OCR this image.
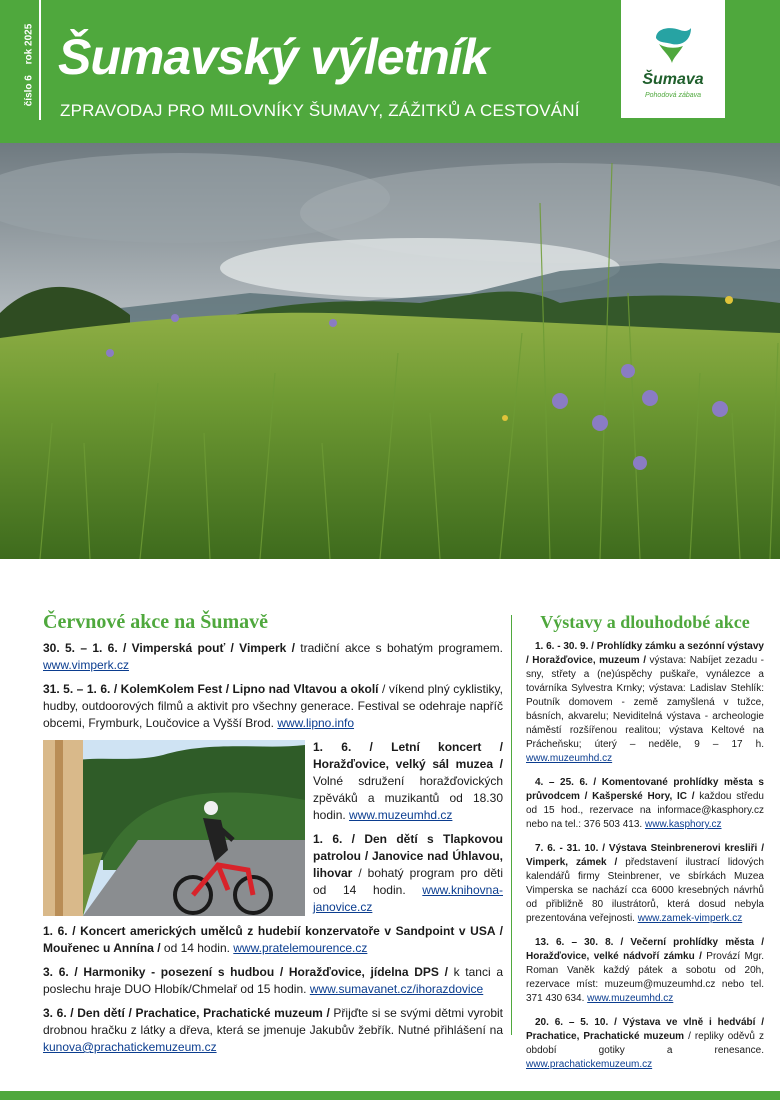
číslo 6 rok 2025 Šumavský výletník
ZPRAVODAJ PRO MILOVNÍKY ŠUMAVY, ZÁŽITKŮ A CESTOVÁNÍ
Šumava
Pohodová zábava
Červnové akce na Šumavě

30. 5. – 1. 6. / Vimperská pouť / Vimperk / tradiční akce s bohatým programem. www.vimperk.cz

31. 5. – 1. 6. / KolemKolem Fest / Lipno nad Vltavou a okolí / víkend plný cyklistiky, hudby, outdoorových filmů a aktivit pro všechny generace. Festival se odehraje napříč obcemi, Frymburk, Loučovice a Vyšší Brod. www.lipno.info

1. 6. / Letní koncert / Horažďovice, velký sál muzea / Volné sdružení horažďovických zpěváků a muzikantů od 18.30 hodin. www.muzeumhd.cz

1. 6. / Den dětí s Tlapkovou patrolou / Janovice nad Úhlavou, lihovar / bohatý program pro děti od 14 hodin. www.knihovna-janovice.cz

1. 6. / Koncert amerických umělců z hudebií konzervatoře v Sandpoint v USA / Mouřenec u Annína / od 14 hodin. www.pratelemourence.cz

3. 6. / Harmoniky - posezení s hudbou / Horažďovice, jídelna DPS / k tanci a poslechu hraje DUO Hlobík/Chmelař od 15 hodin. www.sumavanet.cz/ihorazdovice

3. 6. / Den dětí / Prachatice, Prachatické muzeum / Přijďte si se svými dětmi vyrobit drobnou hračku z látky a dřeva, která se jmenuje Jakubův žebřík. Nutné přihlášení na kunova@prachatickemuzeum.cz

Výstavy a dlouhodobé akce

1. 6. - 30. 9. / Prohlídky zámku a sezónní výstavy / Horažďovice, muzeum / výstava: Nabíjet zezadu - sny, střety a (ne)úspěchy puškaře, vynálezce a továrníka Sylvestra Krnky; výstava: Ladislav Stehlík: Poutník domovem - země zamyšlená v tužce, básních, akvarelu; Neviditelná výstava - archeologie náměstí rozšířenou realitou; výstava Keltové na Prácheňsku; úterý – neděle, 9 – 17 h. www.muzeumhd.cz

4. – 25. 6. / Komentované prohlídky města s průvodcem / Kašperské Hory, IC / každou středu od 15 hod., rezervace na informace@kasphory.cz nebo na tel.: 376 503 413. www.kasphory.cz

7. 6. - 31. 10. / Výstava Steinbrenerovi kresliři / Vimperk, zámek / představení ilustrací lidových kalendářů firmy Steinbrener, ve sbírkách Muzea Vimperska se nachází cca 6000 kresebných návrhů od přibližně 80 ilustrátorů, která dosud nebyla prezentována veřejnosti. www.zamek-vimperk.cz

13. 6. – 30. 8. / Večerní prohlídky města / Horažďovice, velké nádvoří zámku / Provází Mgr. Roman Vaněk každý pátek a sobotu od 20h, rezervace míst: muzeum@muzeumhd.cz nebo tel. 371 430 634. www.muzeumhd.cz

20. 6. – 5. 10. / Výstava ve vlně i hedvábí / Prachatice, Prachatické muzeum / repliky oděvů z období gotiky a renesance. www.prachatickemuzeum.cz
